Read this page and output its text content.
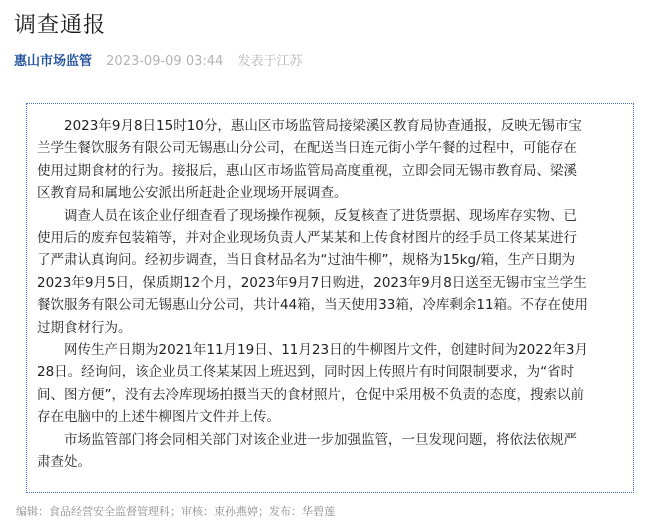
调查通报
惠山市场监管 2023-09-09 03:44 发表于江苏

2023年9月8日15时10分，惠山区市场监管局接梁溪区教育局协查通报，反映无锡市宝

兰学生餐饮服务有限公司无锡惠山分公司，在配送当日连元街小学午餐的过程中，可能存在

使用过期食材的行为。接报后，惠山区市场监管局高度重视，立即会同无锡市教育局、梁溪

区教育局和属地公安派出所赶赴企业现场开展调查。

调查人员在该企业仔细查看了现场操作视频，反复核查了进货票据、现场库存实物、已

使用后的废弃包装箱等，并对企业现场负责人严某某和上传食材图片的经手员工佟某某进行

了严肃认真询问。经初步调查，当日食材品名为“过油牛柳”，规格为15kg/箱，生产日期为

2023年9月5日，保质期12个月，2023年9月7日购进，2023年9月8日送至无锡市宝兰学生

餐饮服务有限公司无锡惠山分公司，共计44箱，当天使用33箱，冷库剩余11箱。不存在使用

过期食材行为。

网传生产日期为2021年11月19日、11月23日的牛柳图片文件，创建时间为2022年3月

28日。经询问，该企业员工佟某某因上班迟到，同时因上传照片有时间限制要求，为“省时

间、图方便”，没有去冷库现场拍摄当天的食材照片，仓促中采用极不负责的态度，搜索以前

存在电脑中的上述牛柳图片文件并上传。

市场监管部门将会同相关部门对该企业进一步加强监管，一旦发现问题，将依法依规严

肃查处。

编辑：食品经营安全监督管理科；审核：束孙燕婷；发布：华碧莲
